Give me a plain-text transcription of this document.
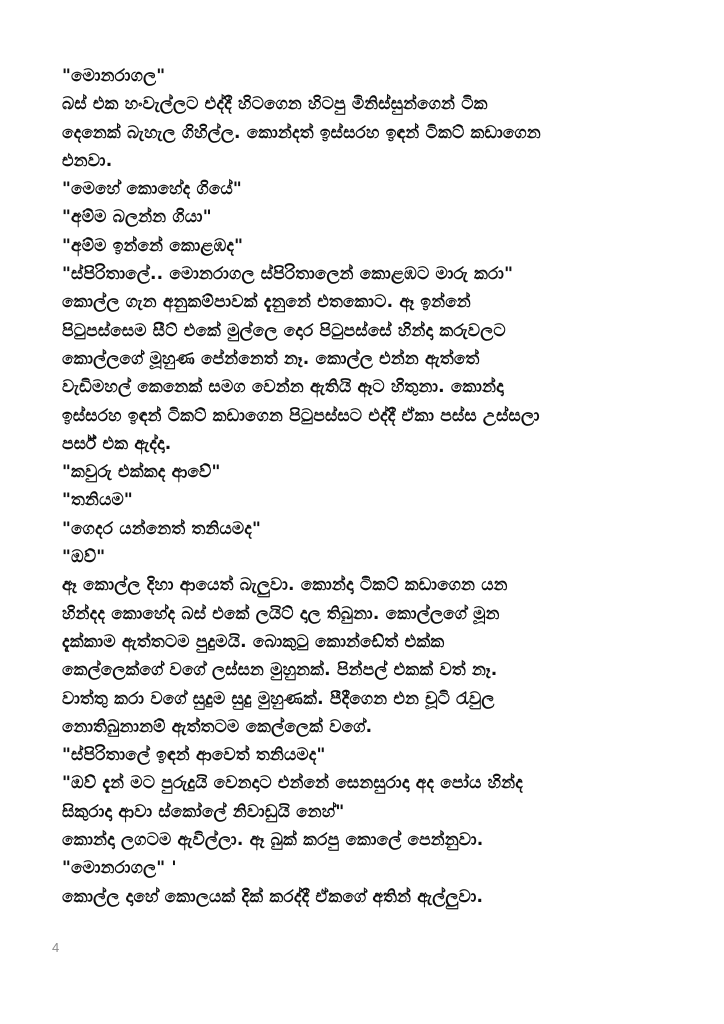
"මොනරාගල"
බස් එක හංවැල්ලට එද්දී හිටගෙන හිටපු මිනිස්සුන්ගෙන් ටික
දෙනෙක් බැහැල ගිහිල්ල. කොන්දත් ඉස්සරහ ඉඳන් ටිකට් කඩාගෙන
එනවා.
"මෙහේ කොහේද ගියේ"
"අම්ම බලන්න ගියා"
"අම්ම ඉන්නේ කොළඹද"
"ස්පිරිතාලේ.. මොනරාගල ස්පිරිතාලෙන් කොළඹට මාරු කරා"
කොල්ල ගැන අනුකම්පාවක් දැනුනේ එතකොට. ඈ ඉන්නේ
පිටුපස්සෙම සීට් එකේ මුල්ලෙ දොර පිටුපස්සේ හින්දා කරුවලට
කොල්ලගේ මූහුණ පේන්නෙත් නෑ. කොල්ල එන්න ඇත්තේ
වැඩිමහල් කෙනෙක් සමග වෙන්න ඇතියි ඈට හිතුනා. කොන්දා
ඉස්සරහ ඉඳන් ටිකට් කඩාගෙන පිටුපස්සට එද්දී ඒකා පස්ස උස්සලා
පර්ස් එක ඇද්දා.
"කවුරු එක්කද ආවේ"
"තනියම"
"ගෙදර යන්නෙත් තනියමද"
"ඔව්"
ඈ කොල්ල දිහා ආයෙත් බැලුවා. කොන්දා ටිකට් කඩාගෙන යන
හින්දද කොහේද බස් එකේ ලයිට් දාල තිබුනා. කොල්ලගේ මූන
දැක්කාම ඇත්තටම පුදුමයි. බොකුටු කොන්ඩේත් එක්ක
කෙල්ලෙක්ගේ වගේ ලස්සන මුහුනක්. පින්පල් එකක් වත් නෑ.
වාත්තු කරා වගේ සුදුම සුදු මුහුණක්. පීදීගෙන එන චූටි රැවුල
නොතිබුනානම් ඇත්තටම කෙල්ලෙක් වගේ.
"ස්පිරිතාලේ ඉඳන් ආවෙත් තනියමද"
"ඔව් දැන් මට පුරුදුයි වෙනදාට එන්නේ සෙනසුරාදා අද පෝය හින්ද
සිකුරාදා ආවා ස්කෝලේ නිවාඩුයි නෙහ්"
කොන්දා ලගටම ඇවිල්ලා. ඈ බුක් කරපු කොලේ පෙන්නුවා.
"මොනරාගල" '
කොල්ල දාහේ කොලයක් දික් කරද්දී ඒකගේ අතින් ඇල්ලුවා.
4
